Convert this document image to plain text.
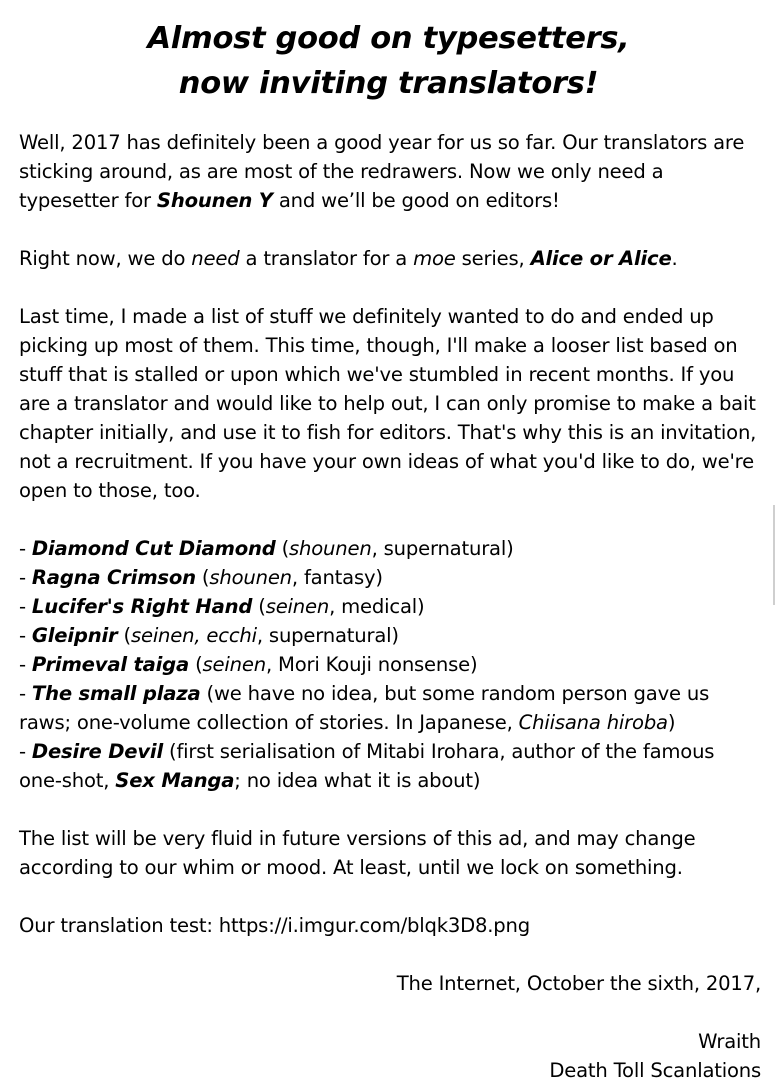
Almost good on typesetters,
now inviting translators!

Well, 2017 has definitely been a good year for us so far. Our translators are sticking around, as are most of the redrawers. Now we only need a typesetter for Shounen Y and we’ll be good on editors!

Right now, we do need a translator for a moe series, Alice or Alice.

Last time, I made a list of stuff we definitely wanted to do and ended up picking up most of them. This time, though, I'll make a looser list based on stuff that is stalled or upon which we've stumbled in recent months. If you are a translator and would like to help out, I can only promise to make a bait chapter initially, and use it to fish for editors. That's why this is an invitation, not a recruitment. If you have your own ideas of what you'd like to do, we're open to those, too.

- Diamond Cut Diamond (shounen, supernatural)

- Ragna Crimson (shounen, fantasy)

- Lucifer's Right Hand (seinen, medical)

- Gleipnir (seinen, ecchi, supernatural)

- Primeval taiga (seinen, Mori Kouji nonsense)

- The small plaza (we have no idea, but some random person gave us raws; one-volume collection of stories. In Japanese, Chiisana hiroba)

- Desire Devil (first serialisation of Mitabi Irohara, author of the famous one-shot, Sex Manga; no idea what it is about)

The list will be very fluid in future versions of this ad, and may change according to our whim or mood. At least, until we lock on something.

Our translation test: https://i.imgur.com/blqk3D8.png

The Internet, October the sixth, 2017,

Wraith

Death Toll Scanlations
